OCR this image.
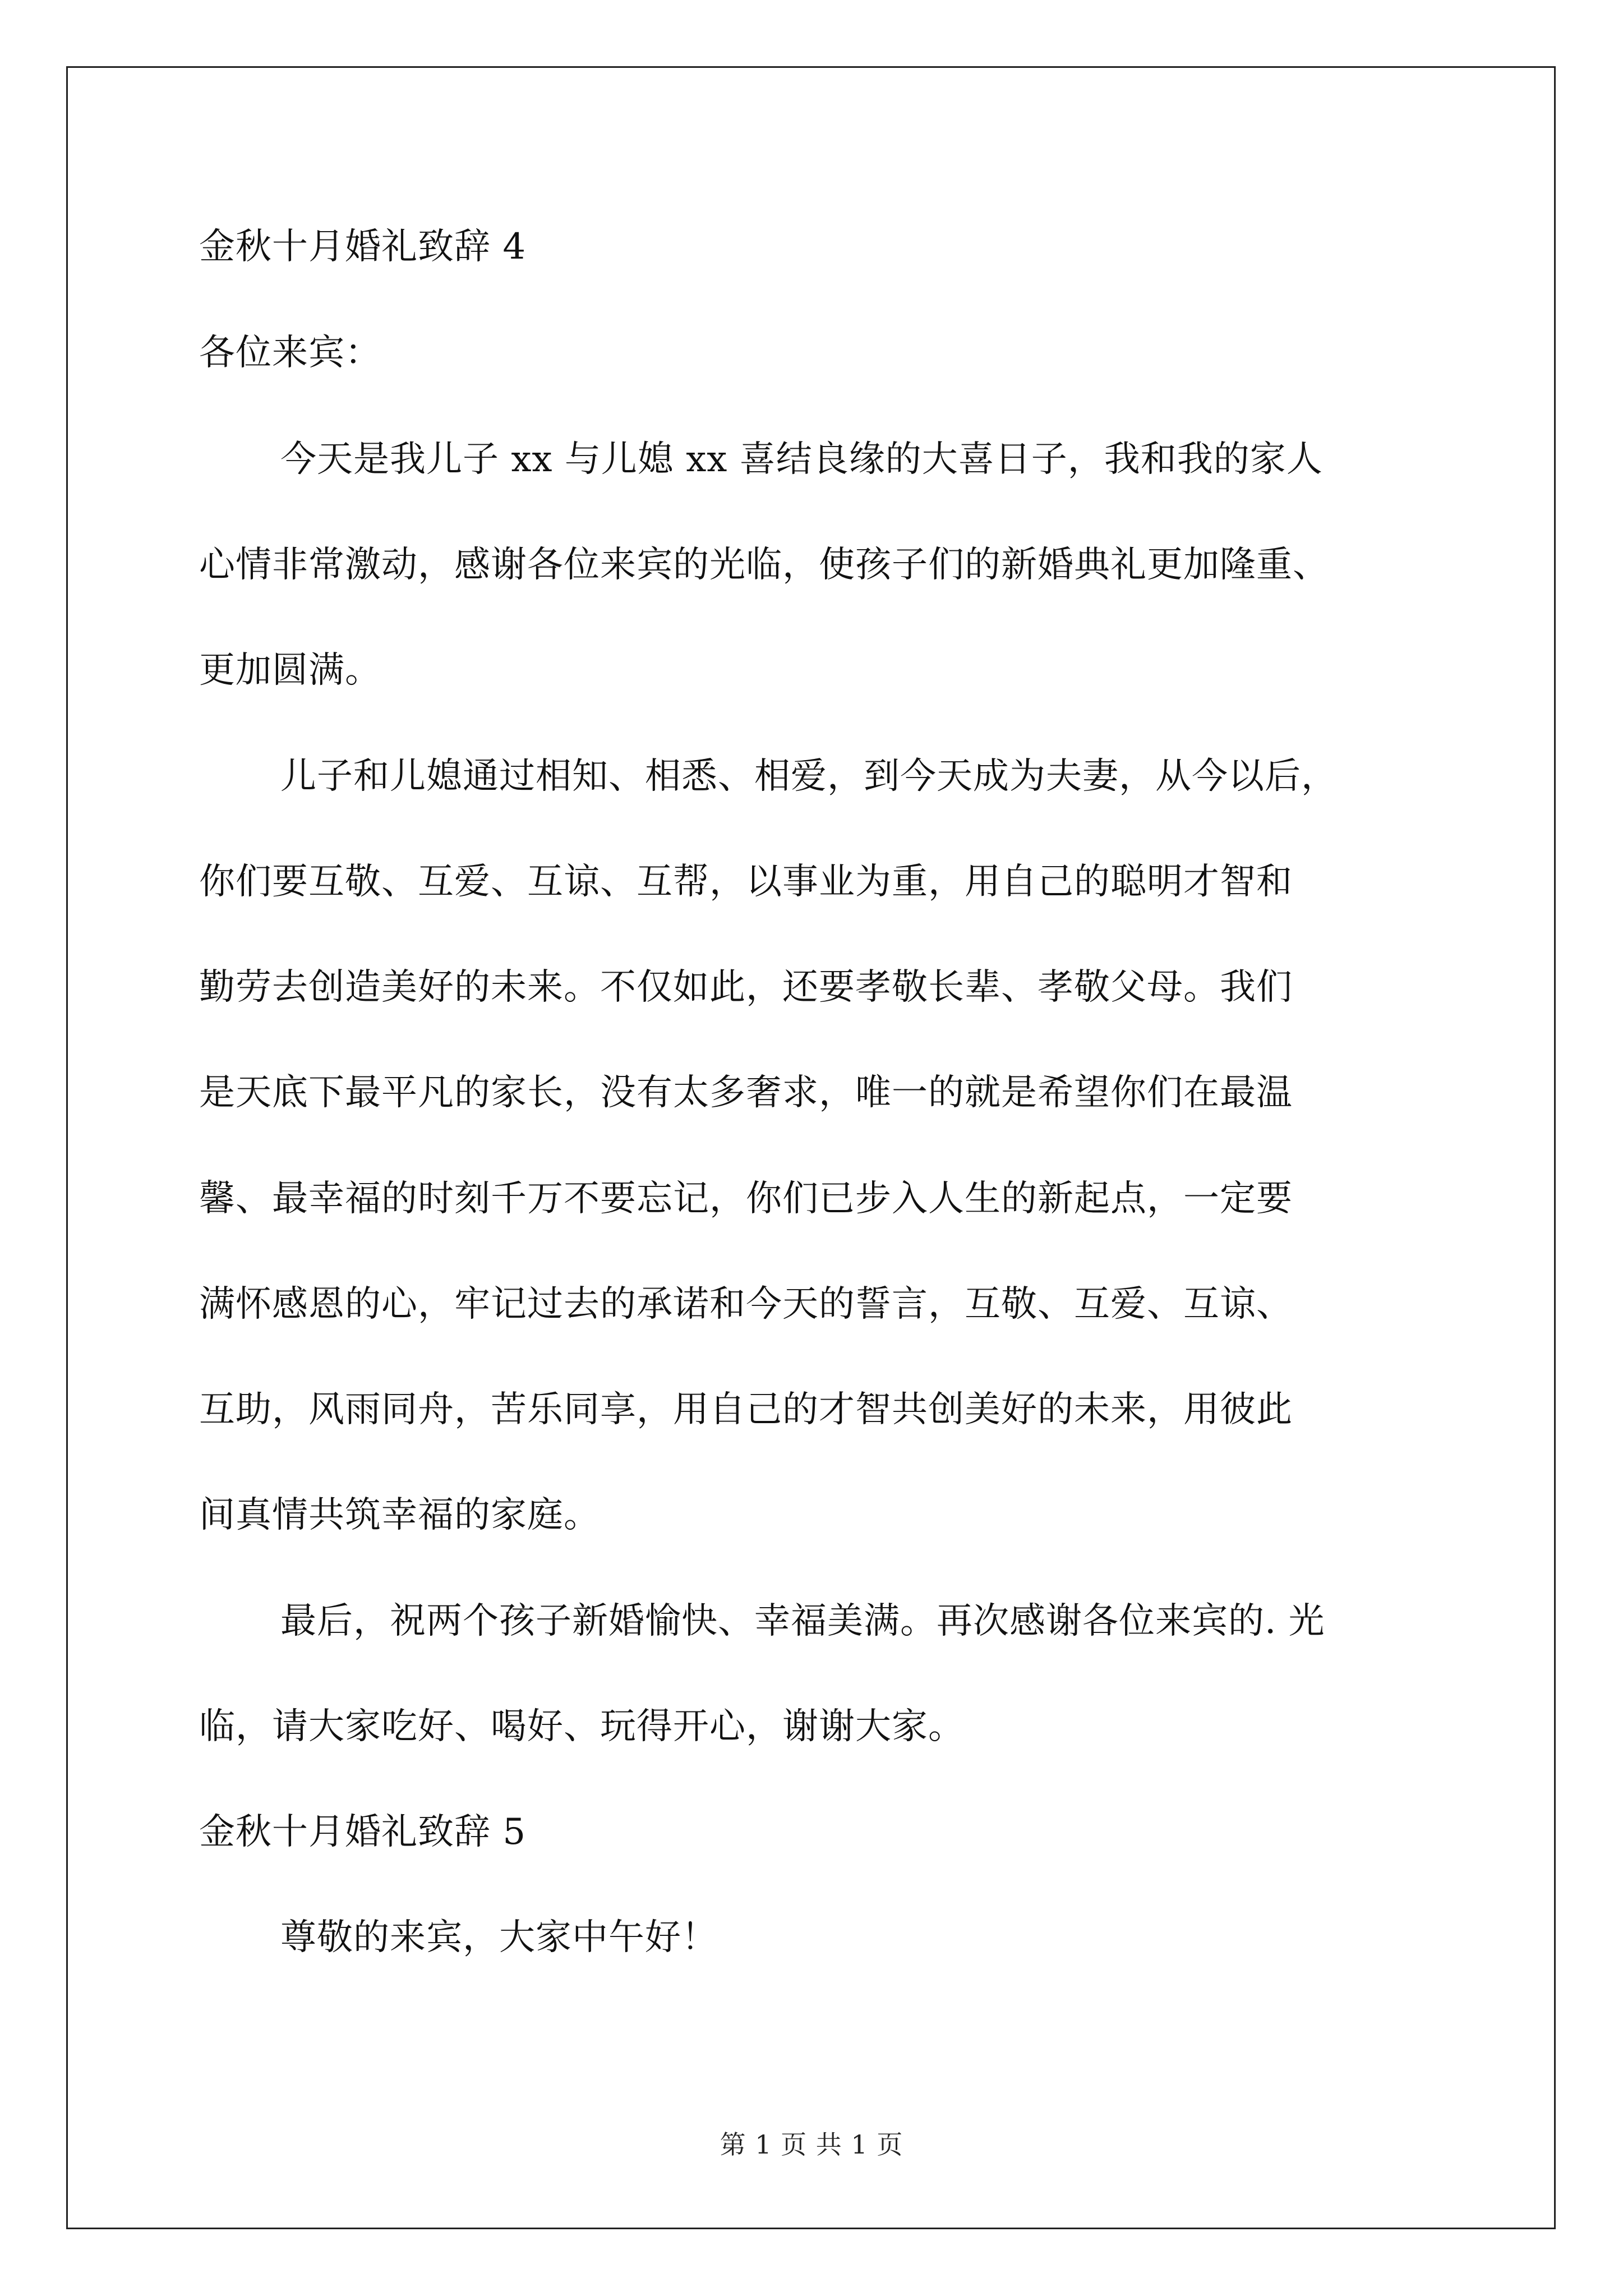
金秋十月婚礼致辞 4

各位来宾：

今天是我儿子 xx 与儿媳 xx 喜结良缘的大喜日子，我和我的家人

心情非常激动，感谢各位来宾的光临，使孩子们的新婚典礼更加隆重、

更加圆满。

儿子和儿媳通过相知、相悉、相爱，到今天成为夫妻，从今以后，

你们要互敬、互爱、互谅、互帮，以事业为重，用自己的聪明才智和

勤劳去创造美好的未来。不仅如此，还要孝敬长辈、孝敬父母。我们

是天底下最平凡的家长，没有太多奢求，唯一的就是希望你们在最温

馨、最幸福的时刻千万不要忘记，你们已步入人生的新起点，一定要

满怀感恩的心，牢记过去的承诺和今天的誓言，互敬、互爱、互谅、

互助，风雨同舟，苦乐同享，用自己的才智共创美好的未来，用彼此

间真情共筑幸福的家庭。

最后，祝两个孩子新婚愉快、幸福美满。再次感谢各位来宾的. 光

临，请大家吃好、喝好、玩得开心，谢谢大家。

金秋十月婚礼致辞 5

尊敬的来宾，大家中午好！

第 1 页 共 1 页
